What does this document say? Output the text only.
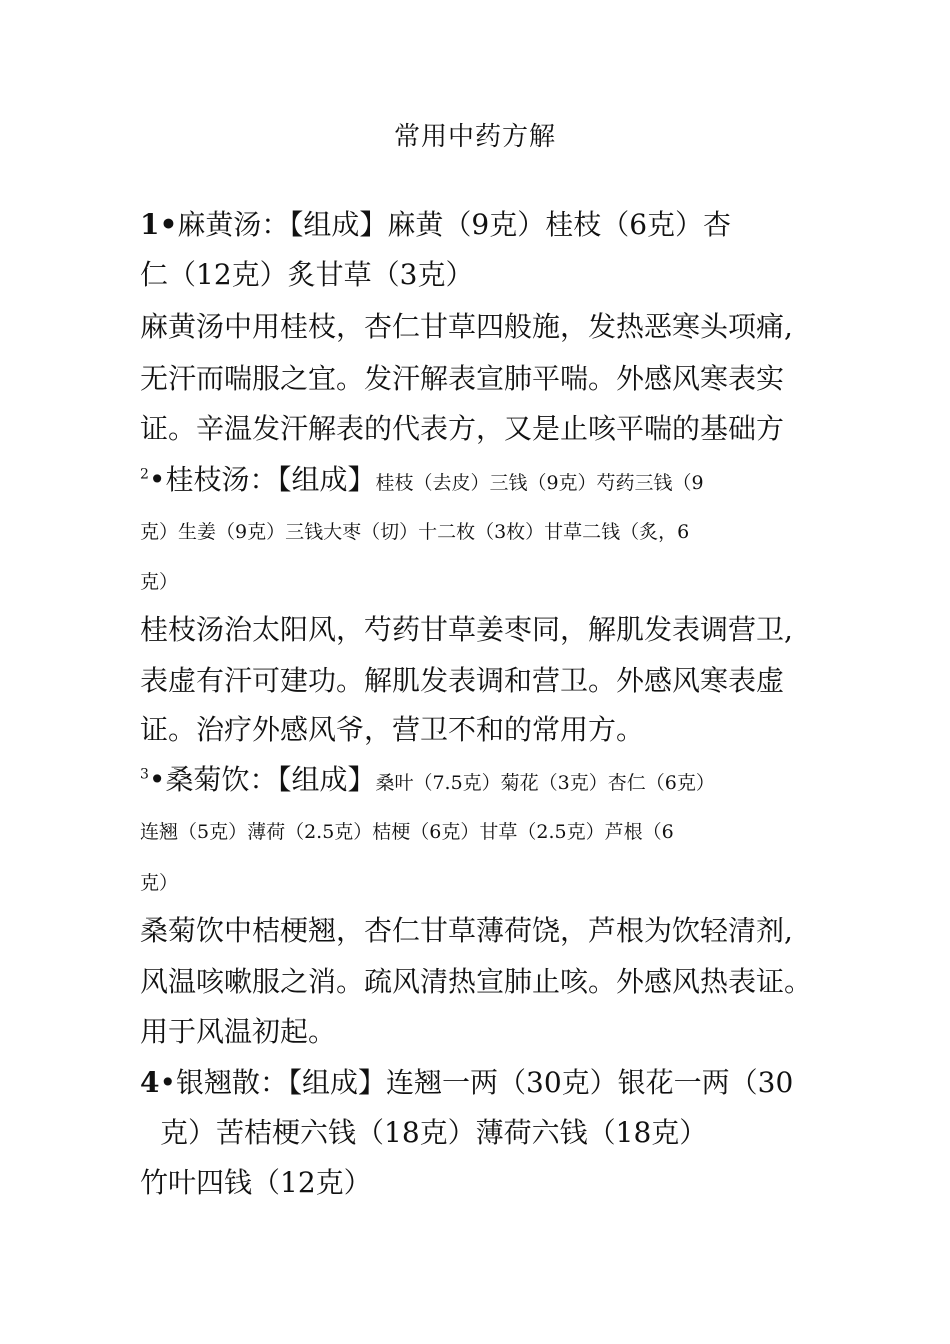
常用中药方解
1•麻黄汤：【组成】麻黄（9克）桂枝（6克）杏
仁（12克）炙甘草（3克）
麻黄汤中用桂枝，杏仁甘草四般施，发热恶寒头项痛,
无汗而喘服之宜。发汗解表宣肺平喘。外感风寒表实
证。辛温发汗解表的代表方，又是止咳平喘的基础方
$^2$•桂枝汤：【组成】桂枝（去皮）三钱（9克）芍药三钱（9
克）生姜（9克）三钱大枣（切）十二枚（3枚）甘草二钱（炙，6
克）
桂枝汤治太阳风，芍药甘草姜枣同，解肌发表调营卫,
表虚有汗可建功。解肌发表调和营卫。外感风寒表虚
证。治疗外感风爷，营卫不和的常用方。
$^3$•桑菊饮：【组成】桑叶（7.5克）菊花（3克）杏仁（6克）
连翘（5克）薄荷（2.5克）桔梗（6克）甘草（2.5克）芦根（6
克）
桑菊饮中桔梗翘，杏仁甘草薄荷饶，芦根为饮轻清剂,
风温咳嗽服之消。疏风清热宣肺止咳。外感风热表证。
用于风温初起。
4•银翘散：【组成】连翘一两（30克）银花一两（30
克）苦桔梗六钱（18克）薄荷六钱（18克）
竹叶四钱（12克）
